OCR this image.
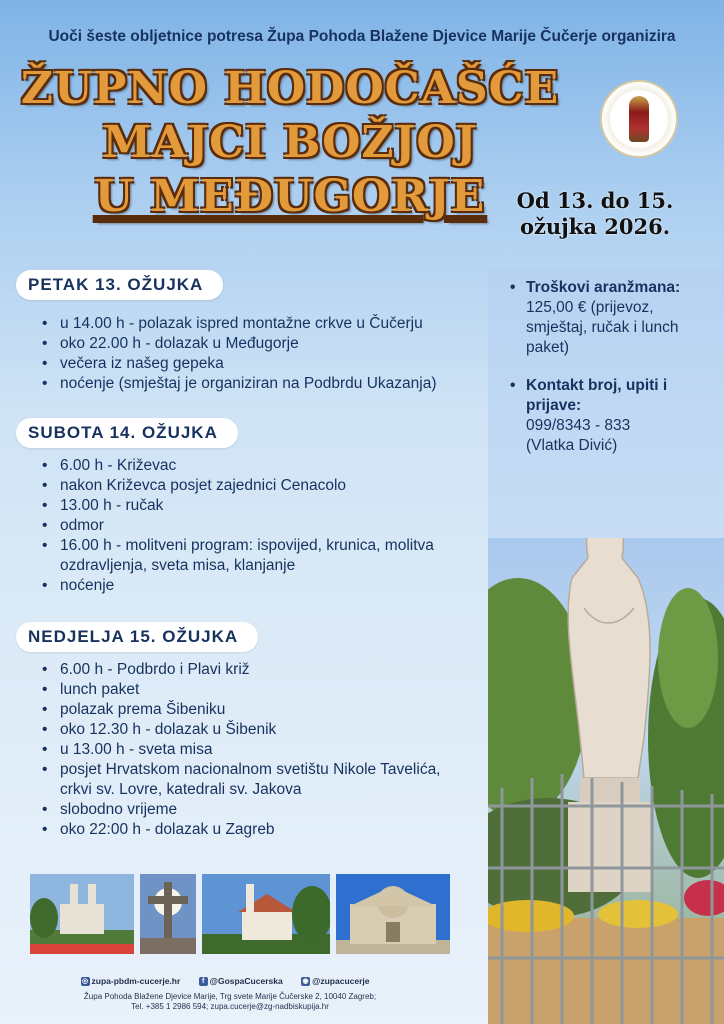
Uoči šeste obljetnice potresa Župa Pohoda Blažene Djevice Marije Čučerje organizira
ŽUPNO HODOČAŠĆE
MAJCI BOŽJOJ
U MEĐUGORJE	Od 13. do 15.
ožujka 2026.
PETAK 13. OŽUJKA
• u 14.00 h - polazak ispred montažne crkve u Čučerju
• oko 22.00 h - dolazak u Međugorje
• večera iz našeg gepeka
• noćenje (smještaj je organiziran na Podbrdu Ukazanja)
SUBOTA 14. OŽUJKA
• 6.00 h - Križevac
• nakon Križevca posjet zajednici Cenacolo
• 13.00 h - ručak
• odmor
• 16.00 h - molitveni program: ispovijed, krunica, molitva ozdravljenja, sveta misa, klanjanje
• noćenje
NEDJELJA 15. OŽUJKA
• 6.00 h - Podbrdo i Plavi križ
• lunch paket
• polazak prema Šibeniku
• oko 12.30 h - dolazak u Šibenik
• u 13.00 h - sveta misa
• posjet Hrvatskom nacionalnom svetištu Nikole Tavelića, crkvi sv. Lovre, katedrali sv. Jakova
• slobodno vrijeme
• oko 22:00 h - dolazak u Zagreb
• Troškovi aranžmana:
125,00 € (prijevoz, smještaj, ručak i lunch paket)
• Kontakt broj, upiti i prijave:
099/8343 - 833
(Vlatka Divić)
◎ zupa-pbdm-cucerje.hr	f @GospaCucerska	◉ @zupacucerje
Župa Pohoda Blažene Djevice Marije, Trg svete Marije Čučerske 2, 10040 Zagreb;
Tel. +385 1 2986 594; zupa.cucerje@zg-nadbiskupija.hr
